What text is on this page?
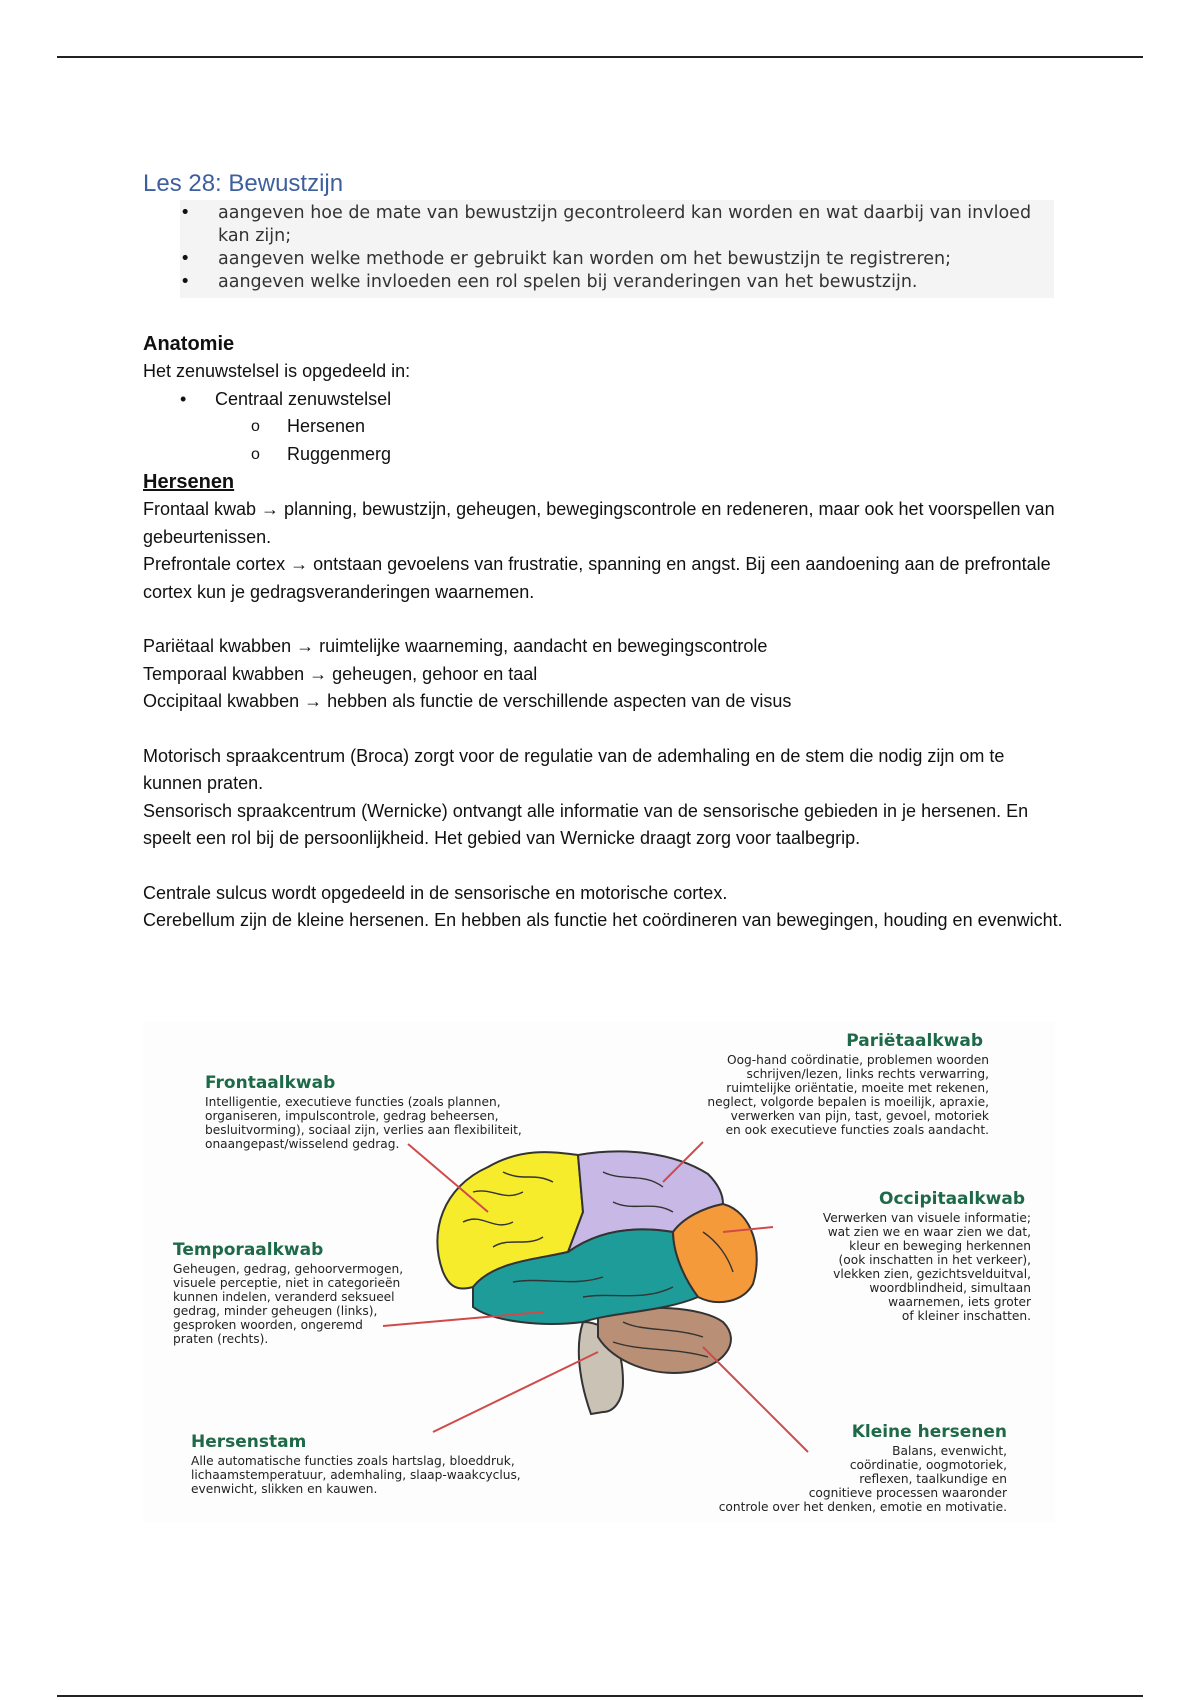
Les 28: Bewustzijn
• aangeven hoe de mate van bewustzijn gecontroleerd kan worden en wat daarbij van invloed kan zijn;
• aangeven welke methode er gebruikt kan worden om het bewustzijn te registreren;
• aangeven welke invloeden een rol spelen bij veranderingen van het bewustzijn.
Anatomie

Het zenuwstelsel is opgedeeld in:

• Centraal zenuwstelsel
o Hersenen
o Ruggenmerg
Hersenen

Frontaal kwab → planning, bewustzijn, geheugen, bewegingscontrole en redeneren, maar ook het voorspellen van gebeurtenissen.

Prefrontale cortex → ontstaan gevoelens van frustratie, spanning en angst. Bij een aandoening aan de prefrontale cortex kun je gedragsveranderingen waarnemen.

Pariëtaal kwabben → ruimtelijke waarneming, aandacht en bewegingscontrole

Temporaal kwabben → geheugen, gehoor en taal

Occipitaal kwabben → hebben als functie de verschillende aspecten van de visus

Motorisch spraakcentrum (Broca) zorgt voor de regulatie van de ademhaling en de stem die nodig zijn om te kunnen praten.

Sensorisch spraakcentrum (Wernicke) ontvangt alle informatie van de sensorische gebieden in je hersenen. En speelt een rol bij de persoonlijkheid. Het gebied van Wernicke draagt zorg voor taalbegrip.

Centrale sulcus wordt opgedeeld in de sensorische en motorische cortex.

Cerebellum zijn de kleine hersenen. En hebben als functie het coördineren van bewegingen, houding en evenwicht.

Frontaalkwab
Intelligentie, executieve functies (zoals plannen,
organiseren, impulscontrole, gedrag beheersen,
besluitvorming), sociaal zijn, verlies aan flexibiliteit,
onaangepast/wisselend gedrag.
Pariëtaalkwab
Oog-hand coördinatie, problemen woorden
schrijven/lezen, links rechts verwarring,
ruimtelijke oriëntatie, moeite met rekenen,
neglect, volgorde bepalen is moeilijk, apraxie,
verwerken van pijn, tast, gevoel, motoriek
en ook executieve functies zoals aandacht.
Occipitaalkwab
Verwerken van visuele informatie;
wat zien we en waar zien we dat,
kleur en beweging herkennen
(ook inschatten in het verkeer),
vlekken zien, gezichtsvelduitval,
woordblindheid, simultaan
waarnemen, iets groter
of kleiner inschatten.
Temporaalkwab
Geheugen, gedrag, gehoorvermogen,
visuele perceptie, niet in categorieën
kunnen indelen, veranderd seksueel
gedrag, minder geheugen (links),
gesproken woorden, ongeremd
praten (rechts).
Hersenstam
Alle automatische functies zoals hartslag, bloeddruk,
lichaamstemperatuur, ademhaling, slaap-waakcyclus,
evenwicht, slikken en kauwen.
Kleine hersenen
Balans, evenwicht,
coördinatie, oogmotoriek,
reflexen, taalkundige en
cognitieve processen waaronder
controle over het denken, emotie en motivatie.
